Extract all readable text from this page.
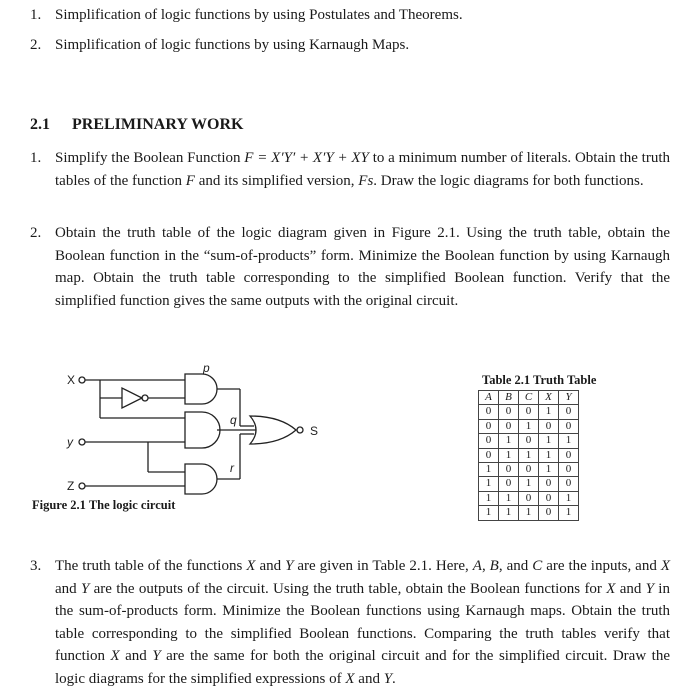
1. Simplification of logic functions by using Postulates and Theorems.
2. Simplification of logic functions by using Karnaugh Maps.
2.1 PRELIMINARY WORK
1. Simplify the Boolean Function F = X′Y′ + X′Y + XY to a minimum number of literals. Obtain the truth tables of the function F and its simplified version, Fs. Draw the logic diagrams for both functions.
2. Obtain the truth table of the logic diagram given in Figure 2.1. Using the truth table, obtain the Boolean function in the “sum-of-products” form. Minimize the Boolean function by using Karnaugh map. Obtain the truth table corresponding to the simplified Boolean function. Verify that the simplified function gives the same outputs with the original circuit.
X
y
Z
p
q
r
S
Figure 2.1 The logic circuit
Table 2.1 Truth Table
A	B	C	X	Y
0	0	0	1	0
0	0	1	0	0
0	1	0	1	1
0	1	1	1	0
1	0	0	1	0
1	0	1	0	0
1	1	0	0	1
1	1	1	0	1
3. The truth table of the functions X and Y are given in Table 2.1. Here, A, B, and C are the inputs, and X and Y are the outputs of the circuit. Using the truth table, obtain the Boolean functions for X and Y in the sum-of-products form. Minimize the Boolean functions using Karnaugh maps. Obtain the truth table corresponding to the simplified Boolean functions. Comparing the truth tables verify that function X and Y are the same for both the original circuit and for the simplified circuit. Draw the logic diagrams for the simplified expressions of X and Y.
